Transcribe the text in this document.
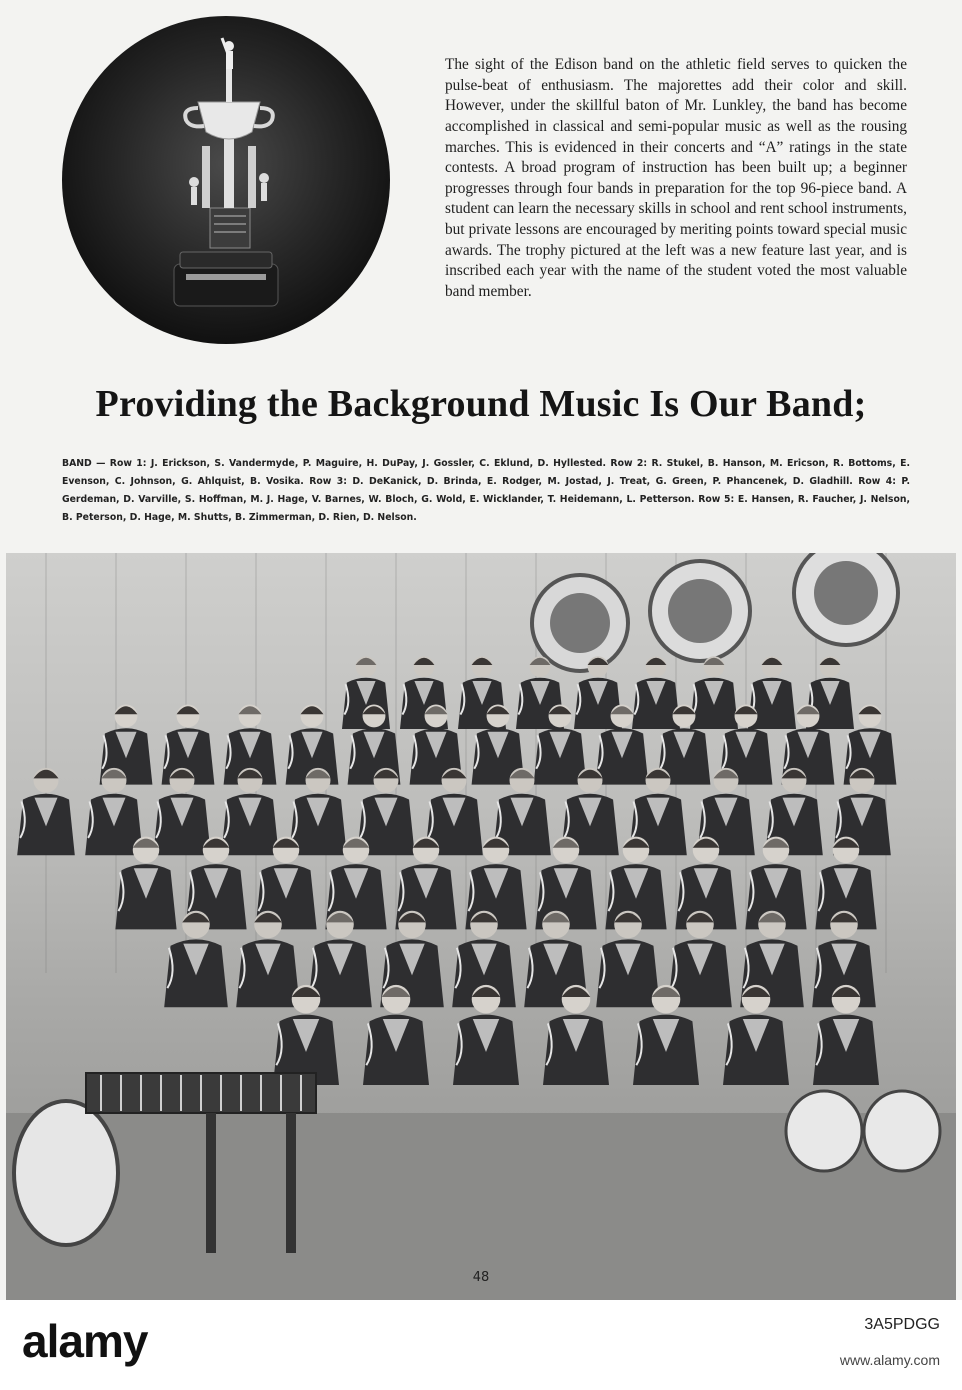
The sight of the Edison band on the athletic field serves to quicken the pulse-beat of enthusiasm. The majorettes add their color and skill. However, under the skillful baton of Mr. Lunkley, the band has become accomplished in classical and semi-popular music as well as the rousing marches. This is evidenced in their concerts and “A” ratings in the state contests. A broad program of instruction has been built up; a beginner progresses through four bands in preparation for the top 96-piece band. A student can learn the necessary skills in school and rent school instruments, but private lessons are encouraged by meriting points toward special music awards. The trophy pictured at the left was a new feature last year, and is inscribed each year with the name of the student voted the most valuable band member.

Providing the Background Music Is Our Band;
BAND — Row 1: J. Erickson, S. Vandermyde, P. Maguire, H. DuPay, J. Gossler, C. Eklund, D. Hyllested. Row 2: R. Stukel, B. Hanson, M. Ericson, R. Bottoms, E. Evenson, C. Johnson, G. Ahlquist, B. Vosika. Row 3: D. DeKanick, D. Brinda, E. Rodger, M. Jostad, J. Treat, G. Green, P. Phancenek, D. Gladhill. Row 4: P. Gerdeman, D. Varville, S. Hoffman, M. J. Hage, V. Barnes, W. Bloch, G. Wold, E. Wicklander, T. Heidemann, L. Petterson. Row 5: E. Hansen, R. Faucher, J. Nelson, B. Peterson, D. Hage, M. Shutts, B. Zimmerman, D. Rien, D. Nelson.
48
alamy	3A5PDGG
www.alamy.com
